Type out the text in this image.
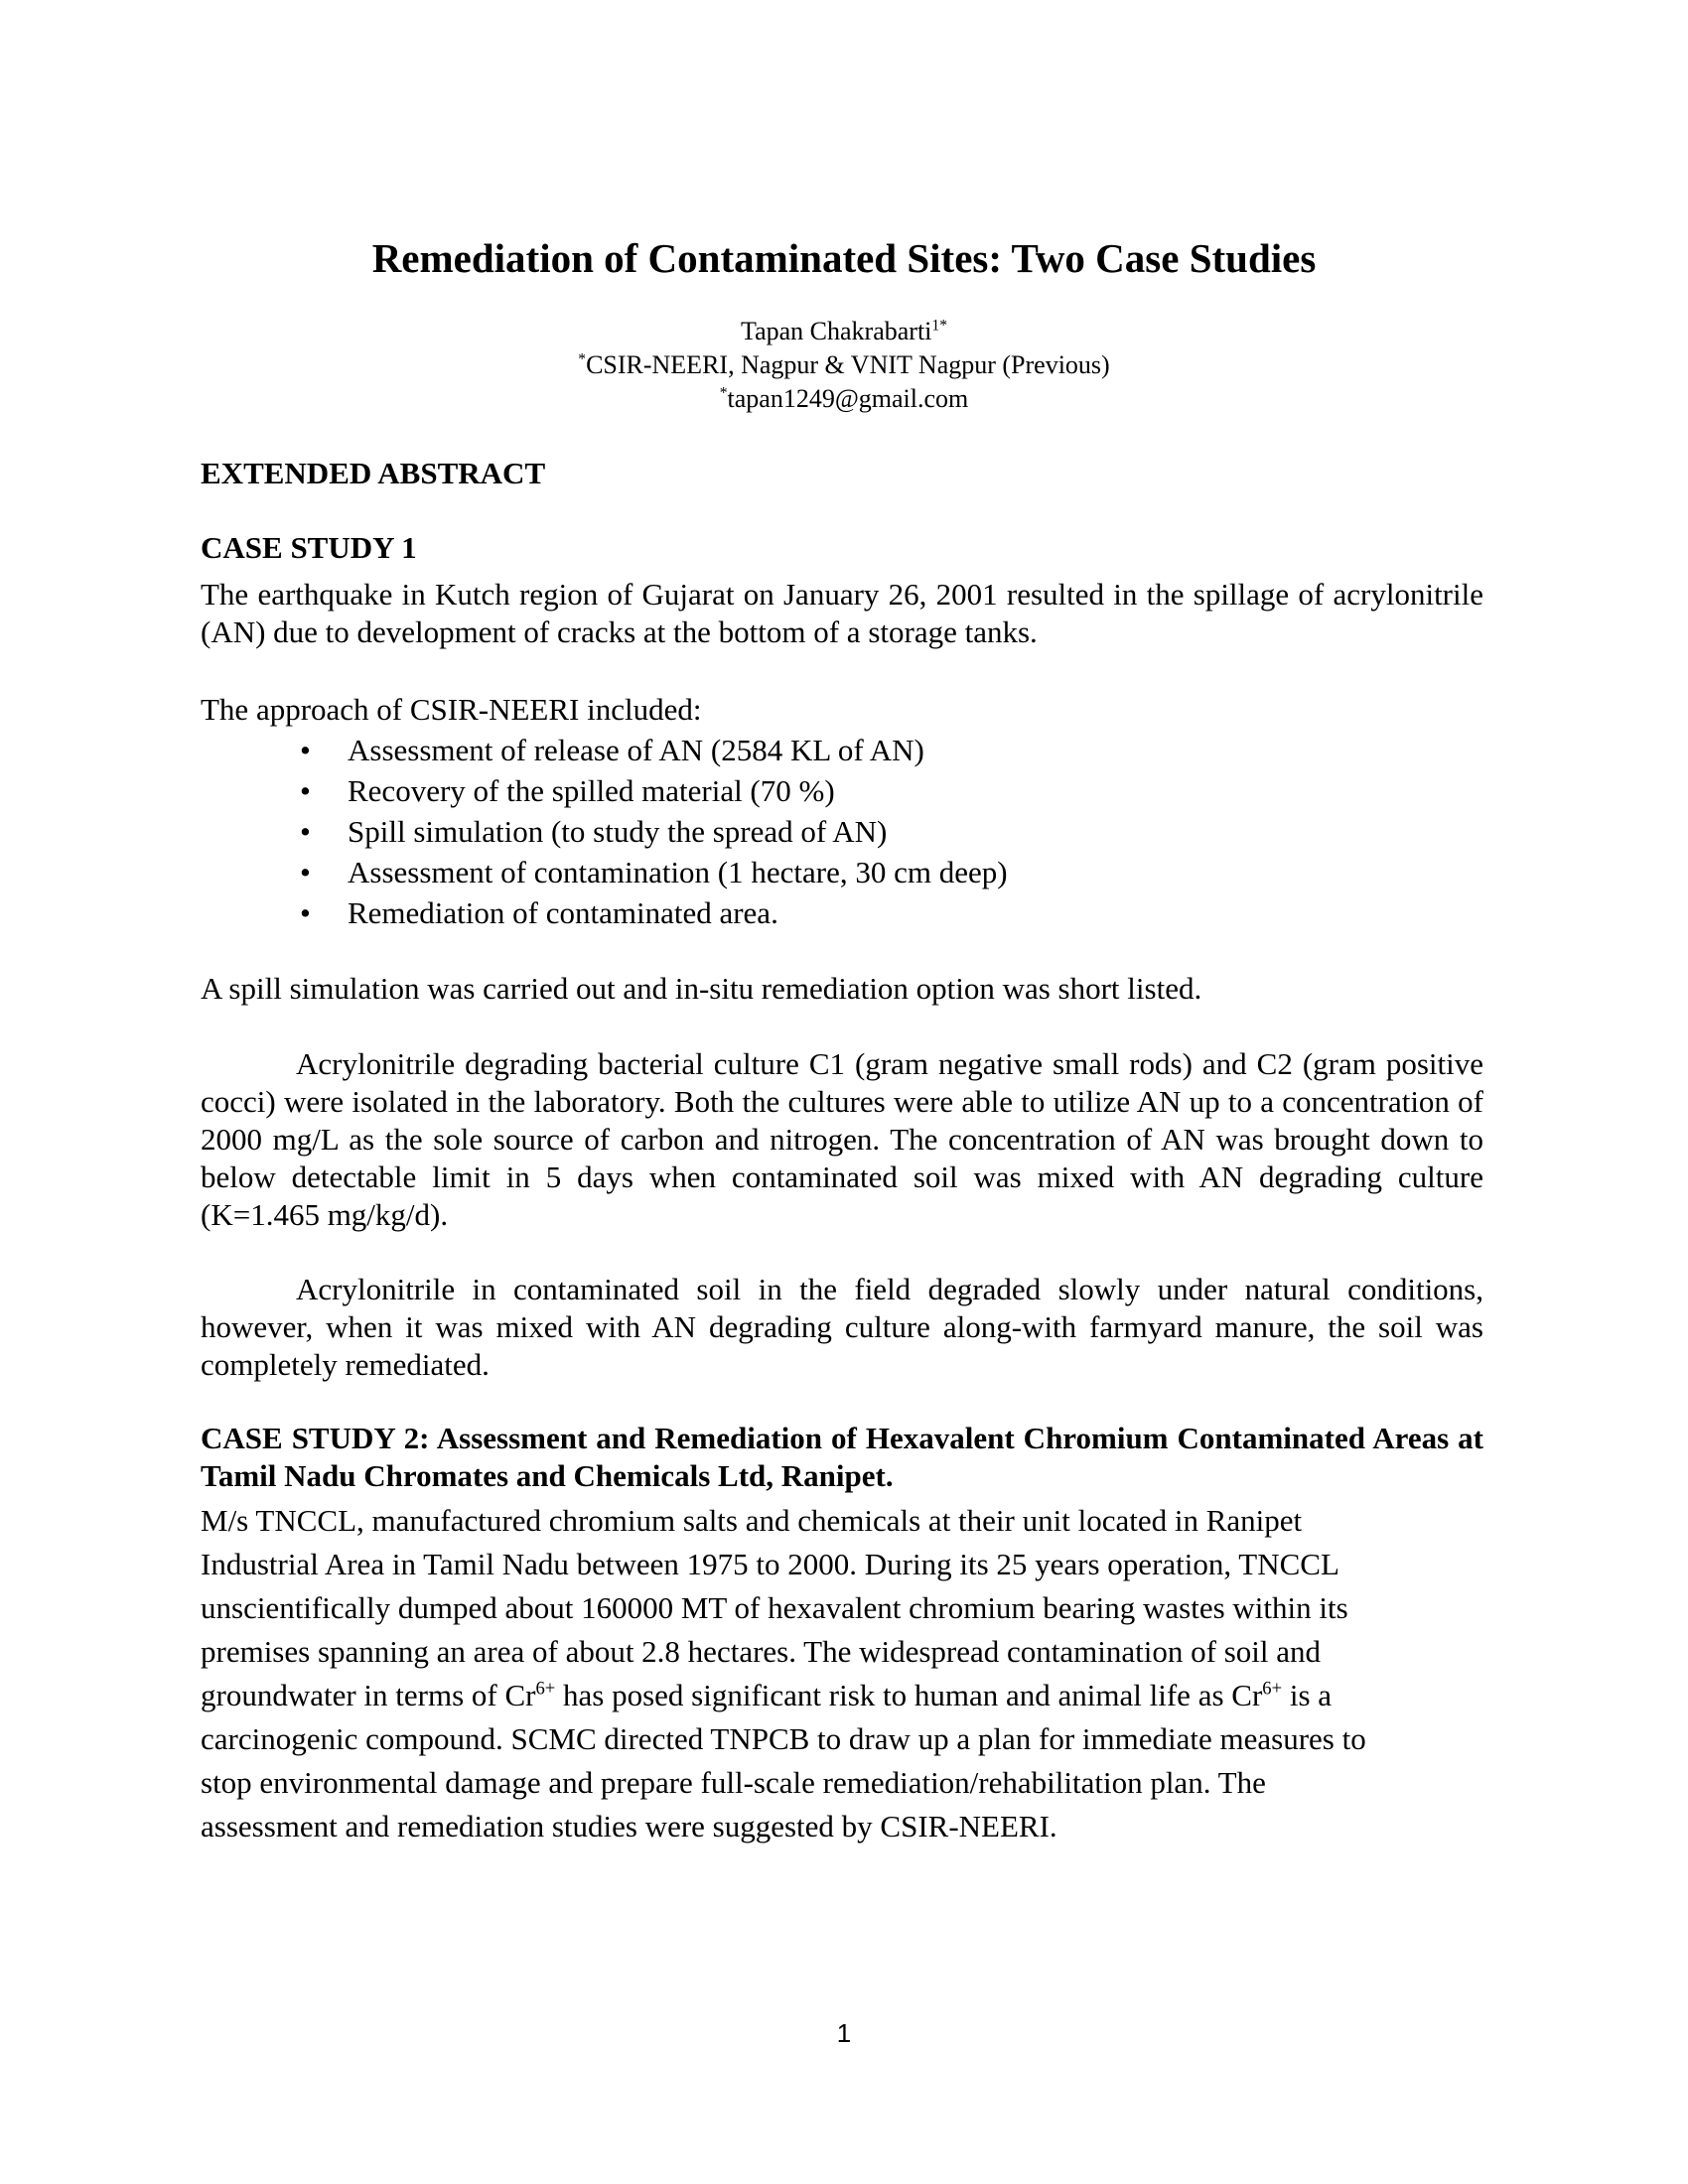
Remediation of Contaminated Sites: Two Case Studies
Tapan Chakrabarti$^{1*}$
*CSIR-NEERI, Nagpur & VNIT Nagpur (Previous)
*tapan1249@gmail.com
EXTENDED ABSTRACT
CASE STUDY 1
The earthquake in Kutch region of Gujarat on January 26, 2001 resulted in the spillage of acrylonitrile (AN) due to development of cracks at the bottom of a storage tanks.
The approach of CSIR-NEERI included:
• Assessment of release of AN (2584 KL of AN)
• Recovery of the spilled material (70 %)
• Spill simulation (to study the spread of AN)
• Assessment of contamination (1 hectare, 30 cm deep)
• Remediation of contaminated area.
A spill simulation was carried out and in-situ remediation option was short listed.
Acrylonitrile degrading bacterial culture C1 (gram negative small rods) and C2 (gram positive cocci) were isolated in the laboratory. Both the cultures were able to utilize AN up to a concentration of 2000 mg/L as the sole source of carbon and nitrogen. The concentration of AN was brought down to below detectable limit in 5 days when contaminated soil was mixed with AN degrading culture (K=1.465 mg/kg/d).
Acrylonitrile in contaminated soil in the field degraded slowly under natural conditions, however, when it was mixed with AN degrading culture along-with farmyard manure, the soil was completely remediated.
CASE STUDY 2: Assessment and Remediation of Hexavalent Chromium Contaminated Areas at Tamil Nadu Chromates and Chemicals Ltd, Ranipet.
M/s TNCCL, manufactured chromium salts and chemicals at their unit located in Ranipet
Industrial Area in Tamil Nadu between 1975 to 2000. During its 25 years operation, TNCCL
unscientifically dumped about 160000 MT of hexavalent chromium bearing wastes within its
premises spanning an area of about 2.8 hectares. The widespread contamination of soil and
groundwater in terms of $Cr^{6+}$ has posed significant risk to human and animal life as $Cr^{6+}$ is a
carcinogenic compound. SCMC directed TNPCB to draw up a plan for immediate measures to
stop environmental damage and prepare full-scale remediation/rehabilitation plan. The
assessment and remediation studies were suggested by CSIR-NEERI.
1
